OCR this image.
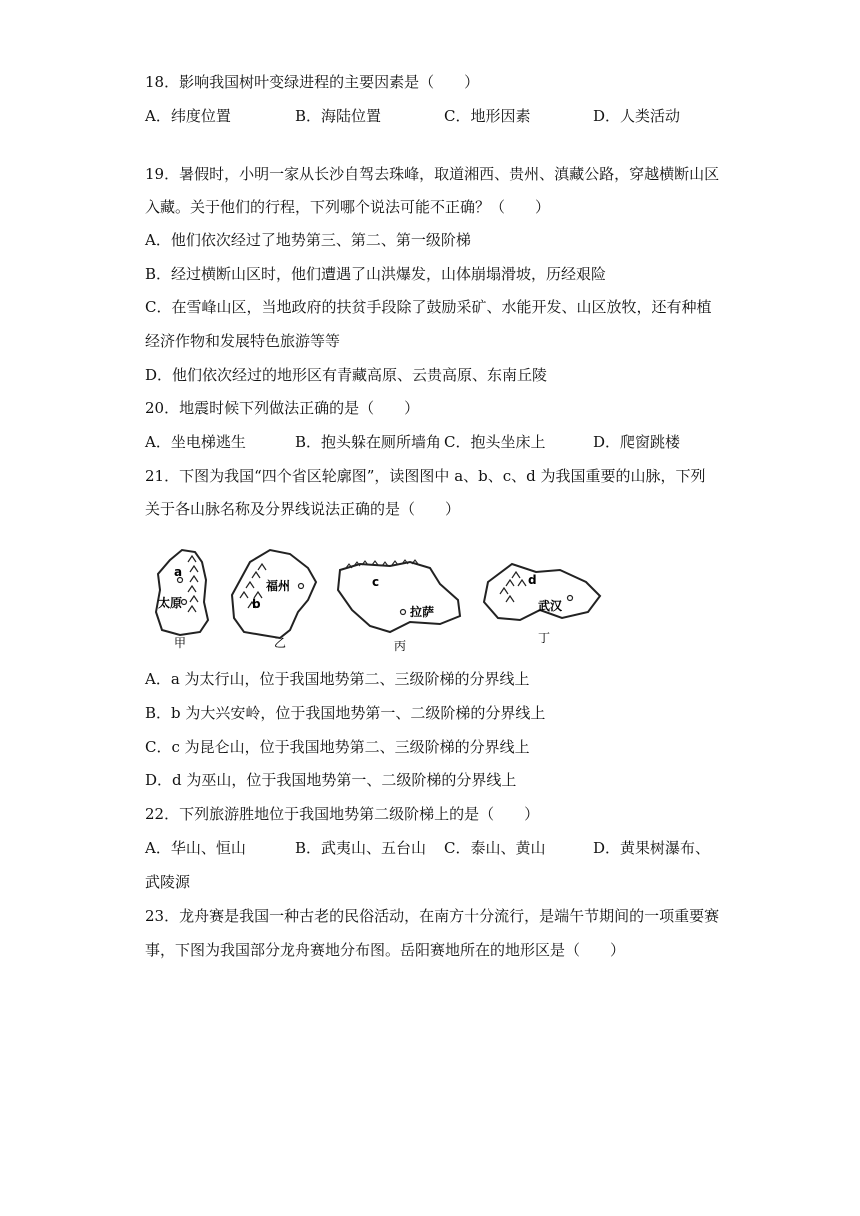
18．影响我国树叶变绿进程的主要因素是（　　）
A．纬度位置	B．海陆位置	C．地形因素	D．人类活动
19．暑假时，小明一家从长沙自驾去珠峰，取道湘西、贵州、滇藏公路，穿越横断山区
入藏。关于他们的行程，下列哪个说法可能不正确？（　　）
A．他们依次经过了地势第三、第二、第一级阶梯
B．经过横断山区时，他们遭遇了山洪爆发，山体崩塌滑坡，历经艰险
C．在雪峰山区，当地政府的扶贫手段除了鼓励采矿、水能开发、山区放牧，还有种植
经济作物和发展特色旅游等等
D．他们依次经过的地形区有青藏高原、云贵高原、东南丘陵
20．地震时候下列做法正确的是（　　）
A．坐电梯逃生	B．抱头躲在厕所墙角 C．抱头坐床上	D．爬窗跳楼
21．下图为我国“四个省区轮廓图”，读图图中 a、b、c、d 为我国重要的山脉，下列
关于各山脉名称及分界线说法正确的是（　　）
a
太原
甲
福州
b
乙
c
拉萨
丙
d
武汉
丁
A．a 为太行山，位于我国地势第二、三级阶梯的分界线上
B．b 为大兴安岭，位于我国地势第一、二级阶梯的分界线上
C．c 为昆仑山，位于我国地势第二、三级阶梯的分界线上
D．d 为巫山，位于我国地势第一、二级阶梯的分界线上
22．下列旅游胜地位于我国地势第二级阶梯上的是（　　）
A．华山、恒山	B．武夷山、五台山 C．泰山、黄山	D．黄果树瀑布、
武陵源
23．龙舟赛是我国一种古老的民俗活动，在南方十分流行，是端午节期间的一项重要赛
事，下图为我国部分龙舟赛地分布图。岳阳赛地所在的地形区是（　　）
